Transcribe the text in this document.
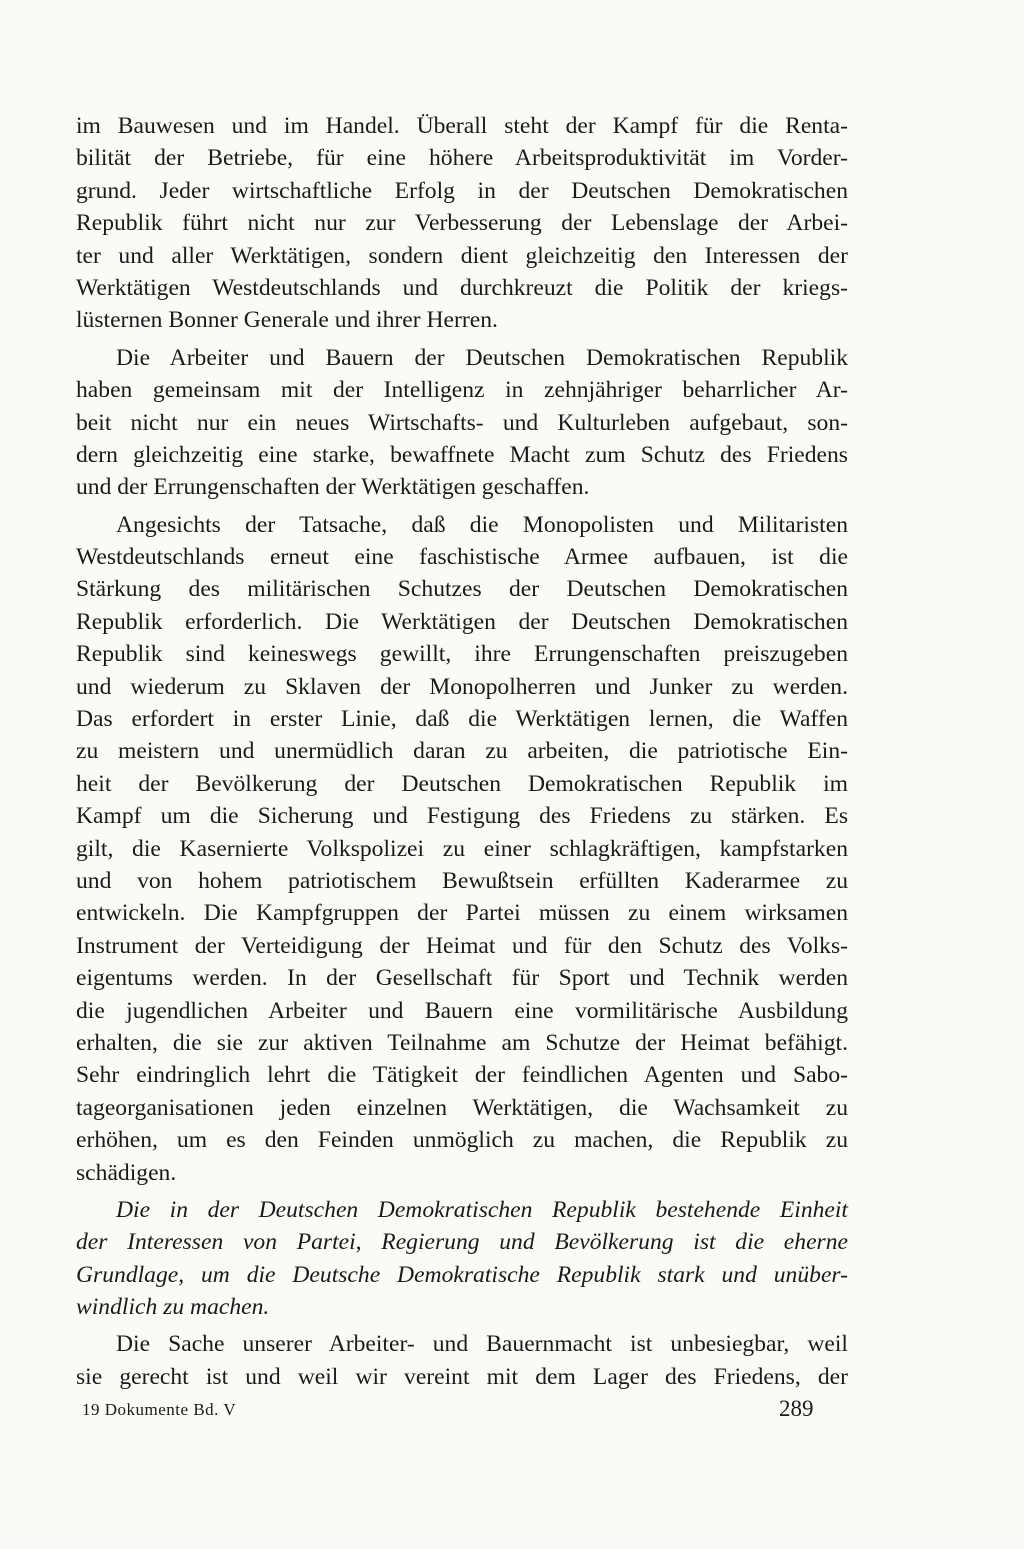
im Bauwesen und im Handel. Überall steht der Kampf für die Renta-
bilität der Betriebe, für eine höhere Arbeitsproduktivität im Vorder-
grund. Jeder wirtschaftliche Erfolg in der Deutschen Demokratischen
Republik führt nicht nur zur Verbesserung der Lebenslage der Arbei-
ter und aller Werktätigen, sondern dient gleichzeitig den Interessen der
Werktätigen Westdeutschlands und durchkreuzt die Politik der kriegs-
lüsternen Bonner Generale und ihrer Herren.
Die Arbeiter und Bauern der Deutschen Demokratischen Republik
haben gemeinsam mit der Intelligenz in zehnjähriger beharrlicher Ar-
beit nicht nur ein neues Wirtschafts- und Kulturleben aufgebaut, son-
dern gleichzeitig eine starke, bewaffnete Macht zum Schutz des Friedens
und der Errungenschaften der Werktätigen geschaffen.
Angesichts der Tatsache, daß die Monopolisten und Militaristen
Westdeutschlands erneut eine faschistische Armee aufbauen, ist die
Stärkung des militärischen Schutzes der Deutschen Demokratischen
Republik erforderlich. Die Werktätigen der Deutschen Demokratischen
Republik sind keineswegs gewillt, ihre Errungenschaften preiszugeben
und wiederum zu Sklaven der Monopolherren und Junker zu werden.
Das erfordert in erster Linie, daß die Werktätigen lernen, die Waffen
zu meistern und unermüdlich daran zu arbeiten, die patriotische Ein-
heit der Bevölkerung der Deutschen Demokratischen Republik im
Kampf um die Sicherung und Festigung des Friedens zu stärken. Es
gilt, die Kasernierte Volkspolizei zu einer schlagkräftigen, kampfstarken
und von hohem patriotischem Bewußtsein erfüllten Kaderarmee zu
entwickeln. Die Kampfgruppen der Partei müssen zu einem wirksamen
Instrument der Verteidigung der Heimat und für den Schutz des Volks-
eigentums werden. In der Gesellschaft für Sport und Technik werden
die jugendlichen Arbeiter und Bauern eine vormilitärische Ausbildung
erhalten, die sie zur aktiven Teilnahme am Schutze der Heimat befähigt.
Sehr eindringlich lehrt die Tätigkeit der feindlichen Agenten und Sabo-
tageorganisationen jeden einzelnen Werktätigen, die Wachsamkeit zu
erhöhen, um es den Feinden unmöglich zu machen, die Republik zu
schädigen.
Die in der Deutschen Demokratischen Republik bestehende Einheit
der Interessen von Partei, Regierung und Bevölkerung ist die eherne
Grundlage, um die Deutsche Demokratische Republik stark und unüber-
windlich zu machen.
Die Sache unserer Arbeiter- und Bauernmacht ist unbesiegbar, weil
sie gerecht ist und weil wir vereint mit dem Lager des Friedens, der
19 Dokumente Bd. V	289
